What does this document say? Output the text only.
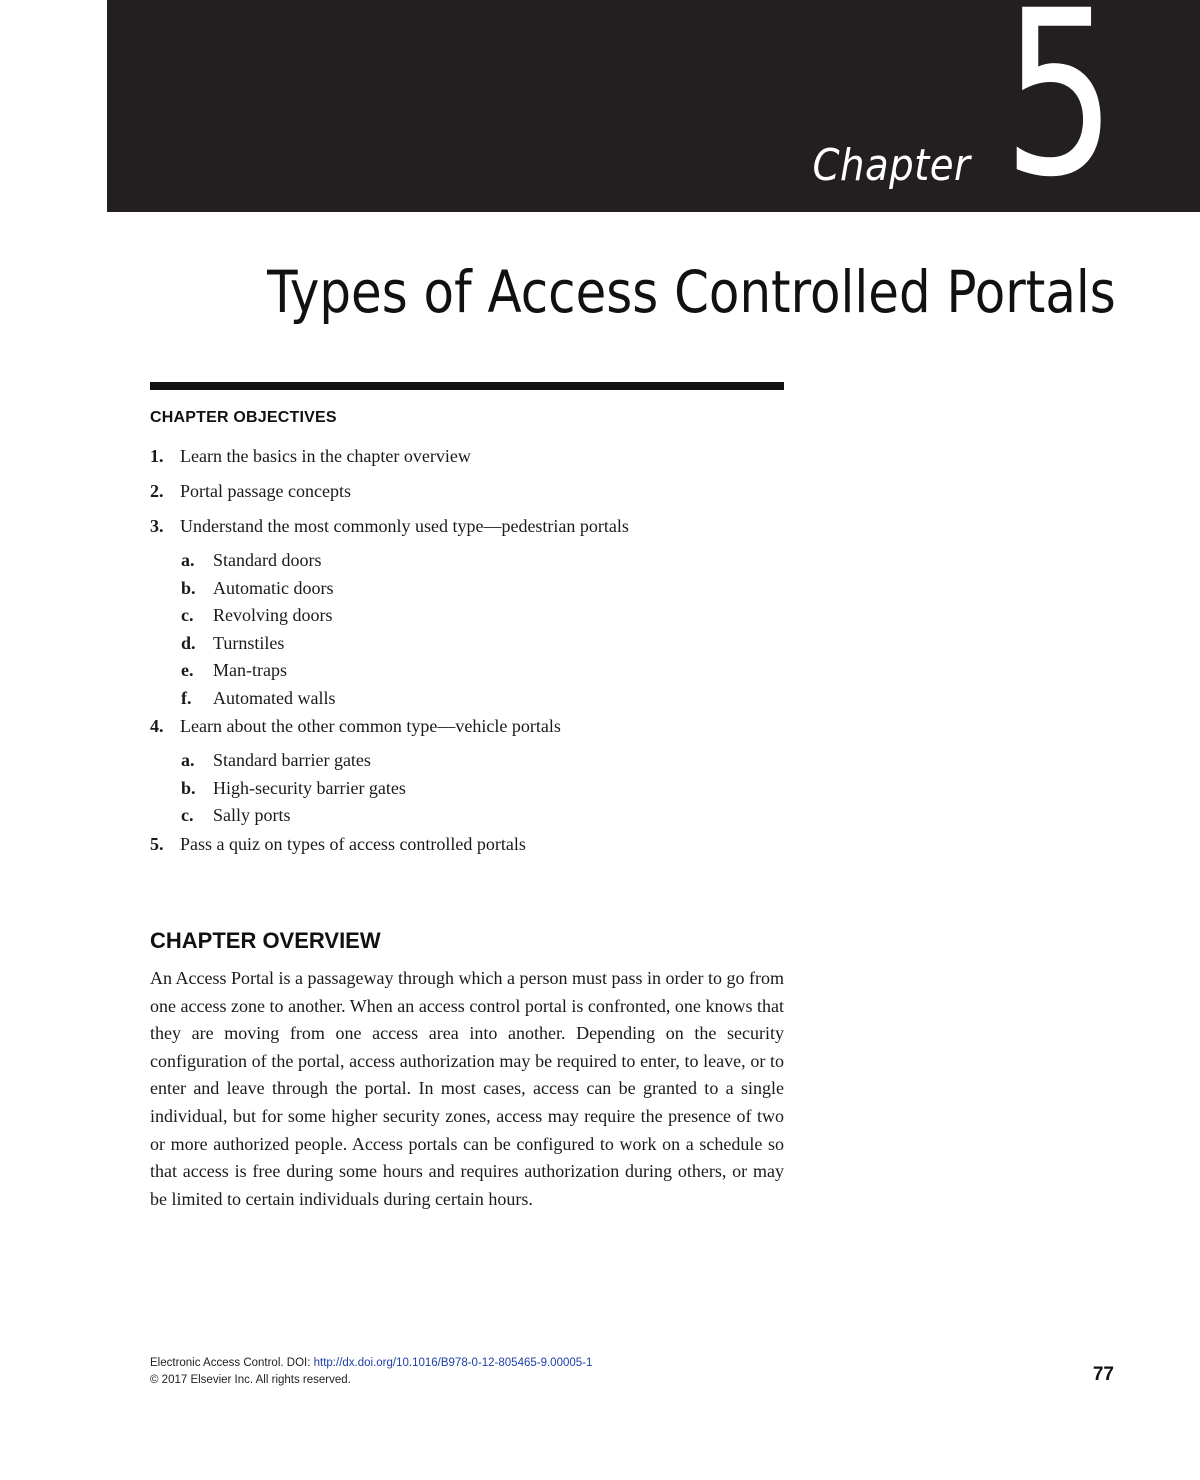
Chapter 5
Types of Access Controlled Portals
CHAPTER OBJECTIVES
1. Learn the basics in the chapter overview
2. Portal passage concepts
3. Understand the most commonly used type—pedestrian portals
a. Standard doors
b. Automatic doors
c. Revolving doors
d. Turnstiles
e. Man-traps
f. Automated walls
4. Learn about the other common type—vehicle portals
a. Standard barrier gates
b. High-security barrier gates
c. Sally ports
5. Pass a quiz on types of access controlled portals
CHAPTER OVERVIEW

An Access Portal is a passageway through which a person must pass in order to go from one access zone to another. When an access control portal is confronted, one knows that they are moving from one access area into another. Depending on the security configuration of the portal, access authorization may be required to enter, to leave, or to enter and leave through the portal. In most cases, access can be granted to a single individual, but for some higher security zones, access may require the presence of two or more authorized people. Access portals can be configured to work on a schedule so that access is free during some hours and requires authorization during others, or may be limited to certain individuals during certain hours.

Electronic Access Control. DOI: http://dx.doi.org/10.1016/B978-0-12-805465-9.00005-1
© 2017 Elsevier Inc. All rights reserved.	77
